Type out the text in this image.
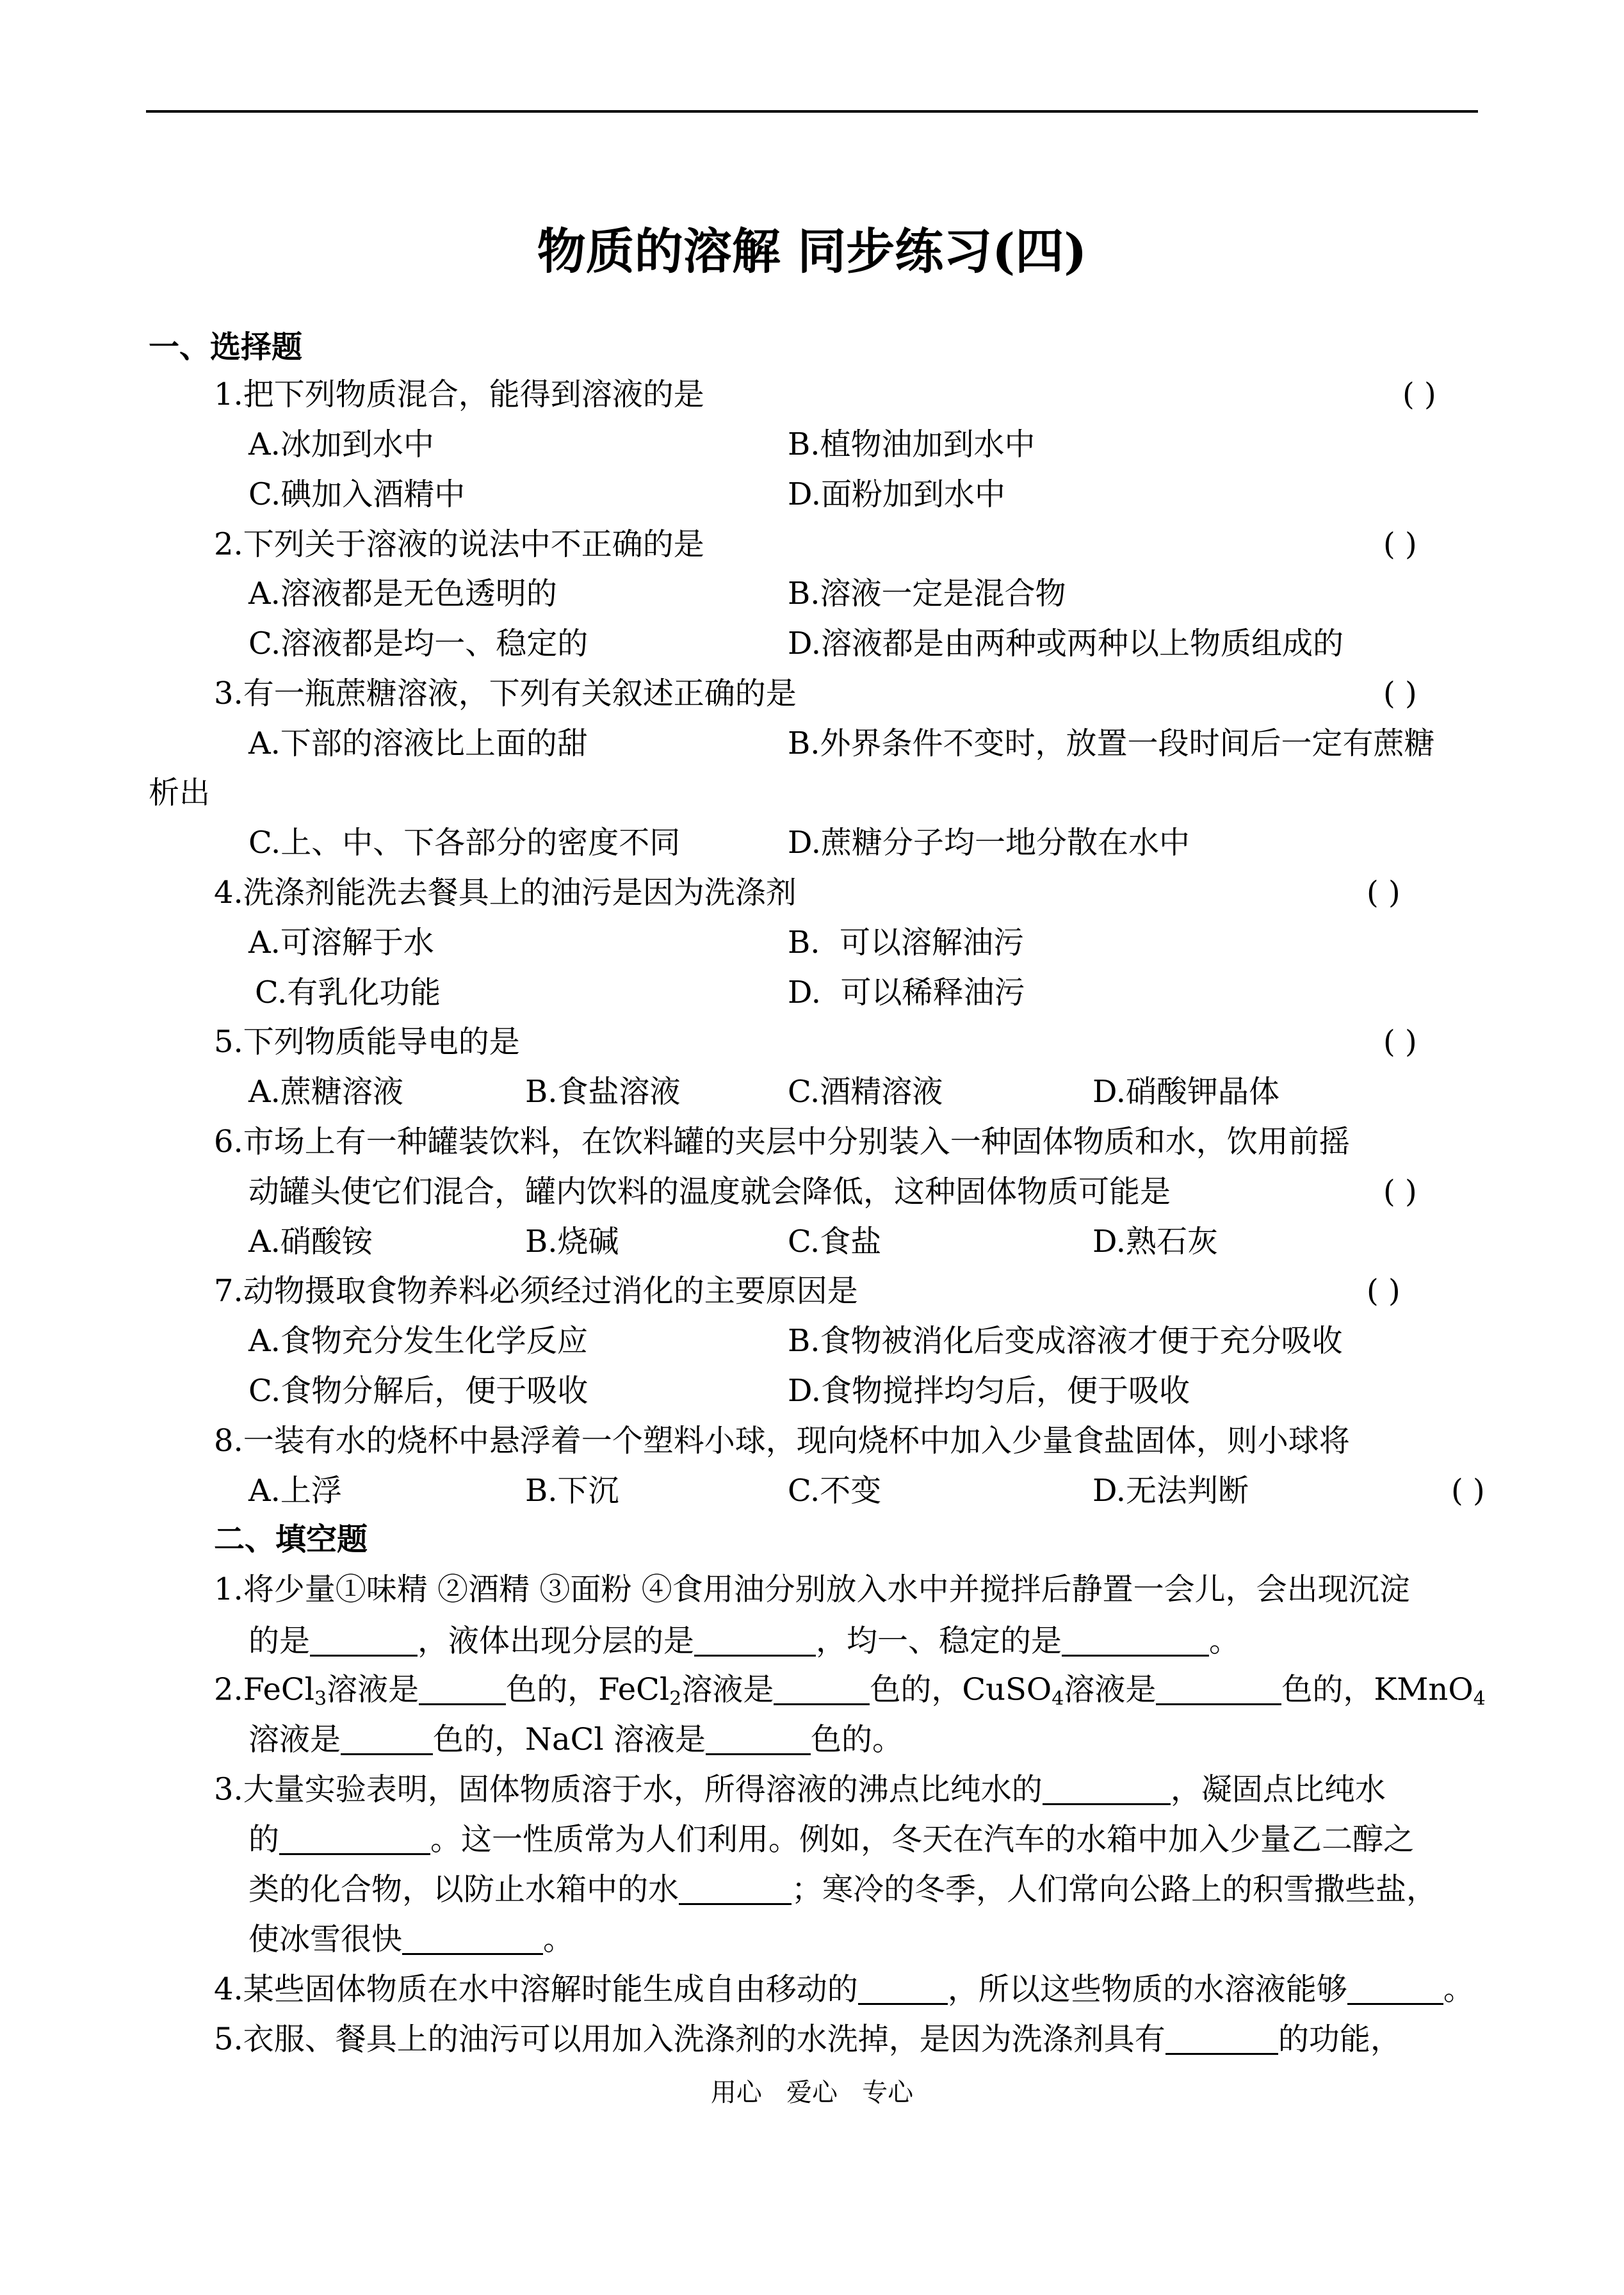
物质的溶解 同步练习(四)
一、选择题
1.把下列物质混合，能得到溶液的是	( )
A.冰加到水中	B.植物油加到水中
C.碘加入酒精中	D.面粉加到水中
2.下列关于溶液的说法中不正确的是	( )
A.溶液都是无色透明的	B.溶液一定是混合物
C.溶液都是均一、稳定的	D.溶液都是由两种或两种以上物质组成的
3.有一瓶蔗糖溶液，下列有关叙述正确的是	( )
A.下部的溶液比上面的甜	B.外界条件不变时，放置一段时间后一定有蔗糖
析出
C.上、中、下各部分的密度不同	D.蔗糖分子均一地分散在水中
4.洗涤剂能洗去餐具上的油污是因为洗涤剂	( )
A.可溶解于水	B.  可以溶解油污
C.有乳化功能	D.  可以稀释油污
5.下列物质能导电的是	( )
A.蔗糖溶液	B.食盐溶液	C.酒精溶液	D.硝酸钾晶体
6.市场上有一种罐装饮料，在饮料罐的夹层中分别装入一种固体物质和水，饮用前摇
动罐头使它们混合，罐内饮料的温度就会降低，这种固体物质可能是	( )
A.硝酸铵	B.烧碱	C.食盐	D.熟石灰
7.动物摄取食物养料必须经过消化的主要原因是	( )
A.食物充分发生化学反应	B.食物被消化后变成溶液才便于充分吸收
C.食物分解后，便于吸收	D.食物搅拌均匀后，便于吸收
8.一装有水的烧杯中悬浮着一个塑料小球，现向烧杯中加入少量食盐固体，则小球将
A.上浮	B.下沉	C.不变	D.无法判断	( )
二、填空题
1.将少量①味精 ②酒精 ③面粉 ④食用油分别放入水中并搅拌后静置一会儿，会出现沉淀
的是	，液体出现分层的是	，均一、稳定的是	。
2.FeCl$_3$溶液是	色的，FeCl$_2$溶液是	色的，CuSO$_4$溶液是	色的，KMnO$_4$
溶液是	色的，NaCl 溶液是	色的。
3.大量实验表明，固体物质溶于水，所得溶液的沸点比纯水的	，凝固点比纯水
的	。这一性质常为人们利用。例如，冬天在汽车的水箱中加入少量乙二醇之
类的化合物，以防止水箱中的水	；寒冷的冬季，人们常向公路上的积雪撒些盐，
使冰雪很快	。
4.某些固体物质在水中溶解时能生成自由移动的	，所以这些物质的水溶液能够	。
5.衣服、餐具上的油污可以用加入洗涤剂的水洗掉，是因为洗涤剂具有	的功能，
用心   爱心   专心
